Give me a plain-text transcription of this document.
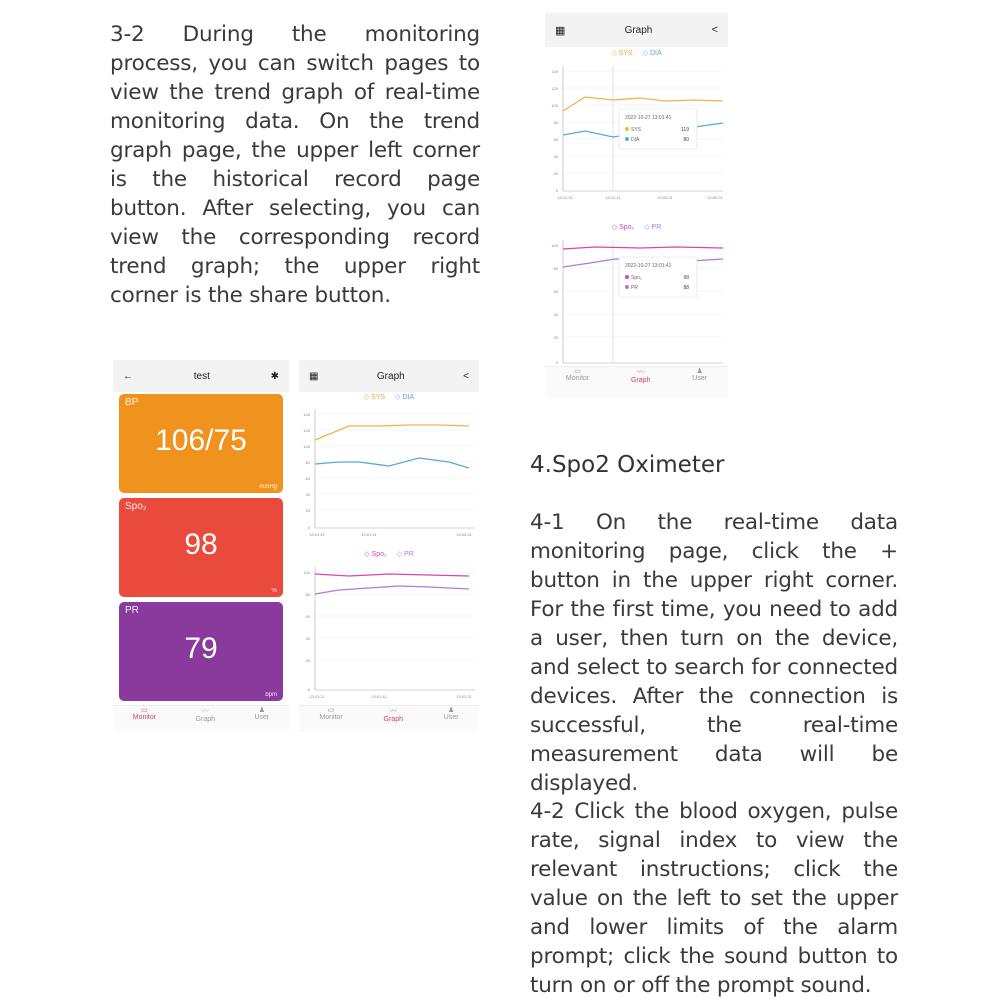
3-2 During the monitoring process, you can switch pages to view the trend graph of real-time monitoring data. On the trend graph page, the upper left corner is the historical record page button. After selecting, you can view the corresponding record trend graph; the upper right corner is the share button.

4.Spo2 Oximeter

4-1 On the real-time data monitoring page, click the + button in the upper right corner. For the first time, you need to add a user, then turn on the device, and select to search for connected devices. After the connection is successful, the real-time measurement data will be displayed.

4-2 Click the blood oxygen, pulse rate, signal index to view the relevant instructions; click the value on the left to set the upper and lower limits of the alarm prompt; click the sound button to turn on or off the prompt sound.

▦	Graph	<
◇ SYS ◇ DIA
140
120
100
80
60
40
20
0
13:01:21	13:01:41	13:02:01	13:02:21
2022-10-27 13:01:41
SYS	119
DIA	80
◇ Spo₂ ◇ PR
100
80
60
40
20
0
2022-10-27 13:01:41
Spo₂	98
PR	88
▭
Monitor
〰
Graph
♟
User
←	test	✱
BP
106/75
mmHg
Spo₂
98
%
PR
79
bpm
▭
Monitor
〰
Graph
♟
User
▦	Graph	<
◇ SYS ◇ DIA
140
120
100
80
60
40
20
0
13:01:21	13:01:41	13:02:21
◇ Spo₂ ◇ PR
100
80
60
40
20
0
13:01:21	13:01:41	13:02:21
▭
Monitor
〰
Graph
♟
User
